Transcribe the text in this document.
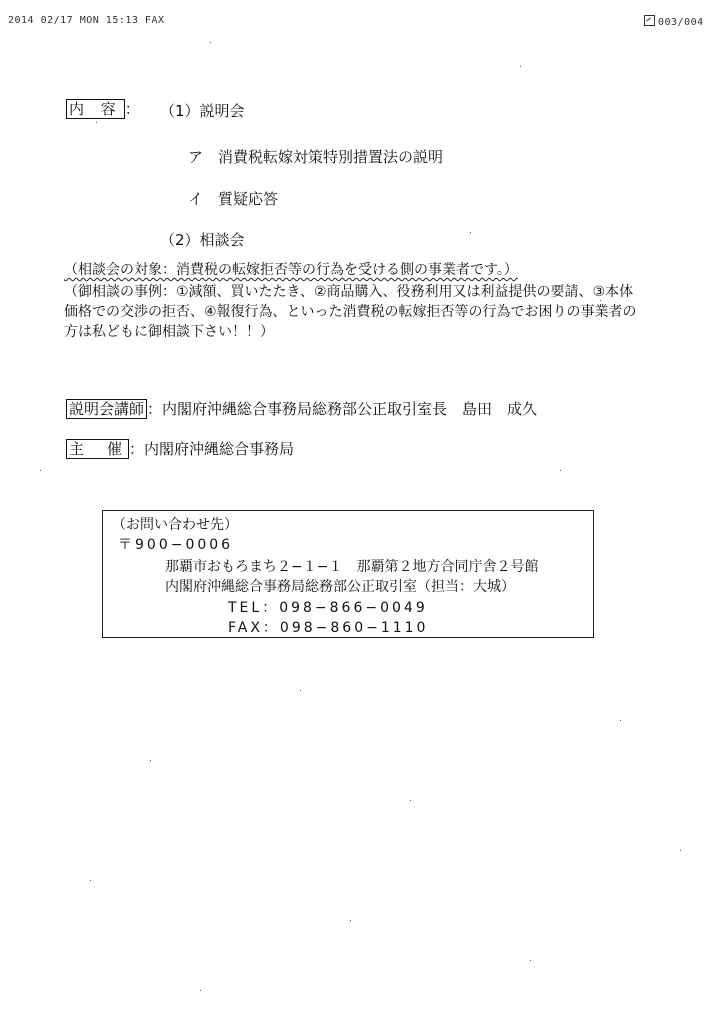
2014 02/17 MON 15:13 FAX	003/004
内 容 ： （1）説明会
ア　消費税転嫁対策特別措置法の説明
イ　質疑応答
（2）相談会
（相談会の対象：消費税の転嫁拒否等の行為を受ける側の事業者です。）
（御相談の事例：①減額、買いたたき、②商品購入、役務利用又は利益提供の要請、③本体
価格での交渉の拒否、④報復行為、といった消費税の転嫁拒否等の行為でお困りの事業者の
方は私どもに御相談下さい！！）
説明会講師 ：内閣府沖縄総合事務局総務部公正取引室長　島田　成久
主　催 ：内閣府沖縄総合事務局
（お問い合わせ先）
〒900−0006
那覇市おもろまち２−１−１　那覇第２地方合同庁舎２号館
内閣府沖縄総合事務局総務部公正取引室（担当：大城）
TEL：098−866−0049
FAX：098−860−1110
